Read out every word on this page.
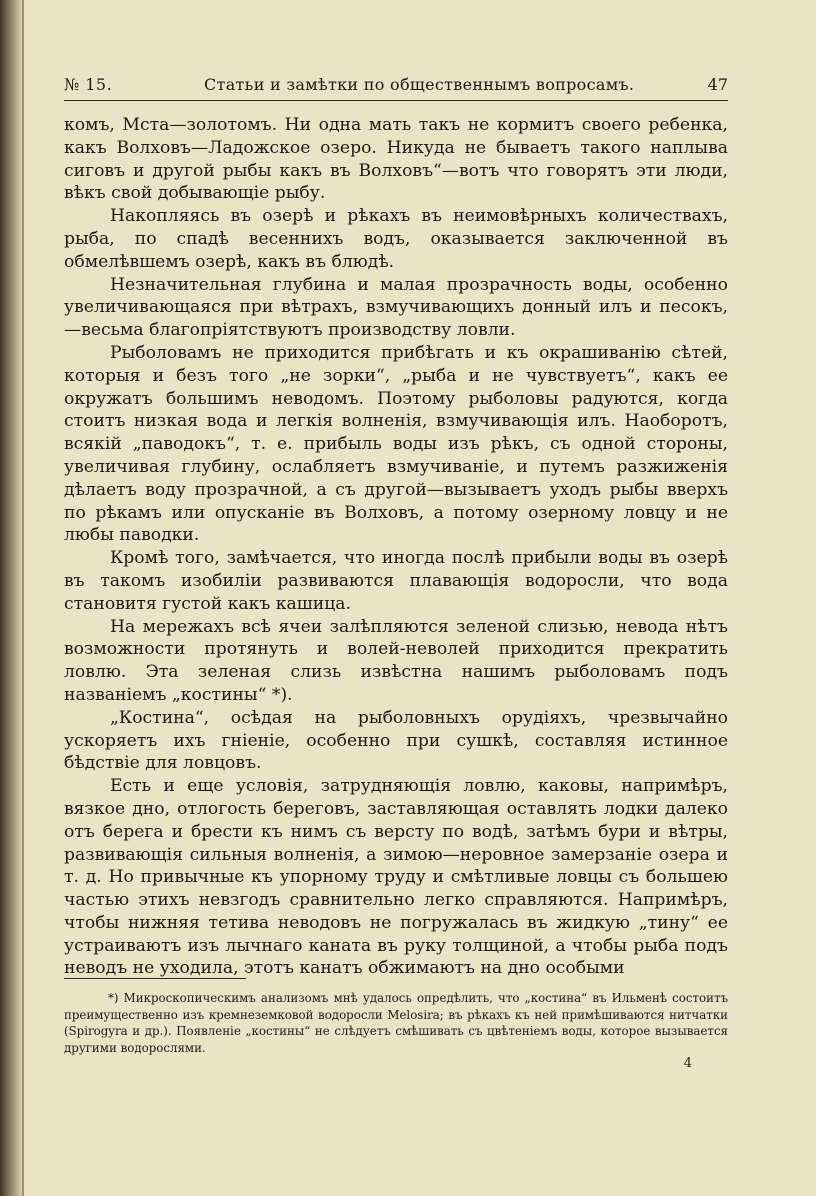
№ 15.	Статьи и замѣтки по общественнымъ вопросамъ.	47

комъ, Мста—золотомъ. Ни одна мать такъ не кормитъ своего ребенка, какъ Волховъ—Ладожское озеро. Никуда не бываетъ такого наплыва сиговъ и другой рыбы какъ въ Волховъ“—вотъ что говорятъ эти люди, вѣкъ свой добывающіе рыбу.

Накопляясь въ озерѣ и рѣкахъ въ неимовѣрныхъ количествахъ, рыба, по спадѣ весеннихъ водъ, оказывается заключенной въ обмелѣвшемъ озерѣ, какъ въ блюдѣ.

Незначительная глубина и малая прозрачность воды, особенно увеличивающаяся при вѣтрахъ, взмучивающихъ донный илъ и песокъ,—весьма благопріятствуютъ производству ловли.

Рыболовамъ не приходится прибѣгать и къ окрашиванію сѣтей, которыя и безъ того „не зорки“, „рыба и не чувствуетъ“, какъ ее окружатъ большимъ неводомъ. Поэтому рыболовы радуются, когда стоитъ низкая вода и легкія волненія, взмучивающія илъ. Наоборотъ, всякій „паводокъ“, т. е. прибыль воды изъ рѣкъ, съ одной стороны, увеличивая глубину, ослабляетъ взмучиваніе, и путемъ разжиженія дѣлаетъ воду прозрачной, а съ другой—вызываетъ уходъ рыбы вверхъ по рѣкамъ или опусканіе въ Волховъ, а потому озерному ловцу и не любы паводки.

Кромѣ того, замѣчается, что иногда послѣ прибыли воды въ озерѣ въ такомъ изобиліи развиваются плавающія водоросли, что вода становитя густой какъ кашица.

На мережахъ всѣ ячеи залѣпляются зеленой слизью, невода нѣтъ возможности протянуть и волей-неволей приходится прекратить ловлю. Эта зеленая слизь извѣстна нашимъ рыболовамъ подъ названіемъ „костины“ *).

„Костина“, осѣдая на рыболовныхъ орудіяхъ, чрезвычайно ускоряетъ ихъ гніеніе, особенно при сушкѣ, составляя истинное бѣдствіе для ловцовъ.

Есть и еще условія, затрудняющія ловлю, каковы, напримѣръ, вязкое дно, отлогость береговъ, заставляющая оставлять лодки далеко отъ берега и брести къ нимъ съ версту по водѣ, затѣмъ бури и вѣтры, развивающія сильныя волненія, а зимою—неровное замерзаніе озера и т. д. Но привычные къ упорному труду и смѣтливые ловцы съ большею частью этихъ невзгодъ сравнительно легко справляются. Напримѣръ, чтобы нижняя тетива неводовъ не погружалась въ жидкую „тину“ ее устраиваютъ изъ лычнаго каната въ руку толщиной, а чтобы рыба подъ неводъ не уходила, этотъ канатъ обжимаютъ на дно особыми

*) Микроскопическимъ анализомъ мнѣ удалось опредѣлить, что „костина“ въ Ильменѣ состоитъ преимущественно изъ кремнеземковой водоросли Melosira; въ рѣкахъ къ ней примѣшиваются нитчатки (Spirogyra и др.). Появленіе „костины“ не слѣдуетъ смѣшивать съ цвѣтеніемъ воды, которое вызывается другими водорослями.

4
